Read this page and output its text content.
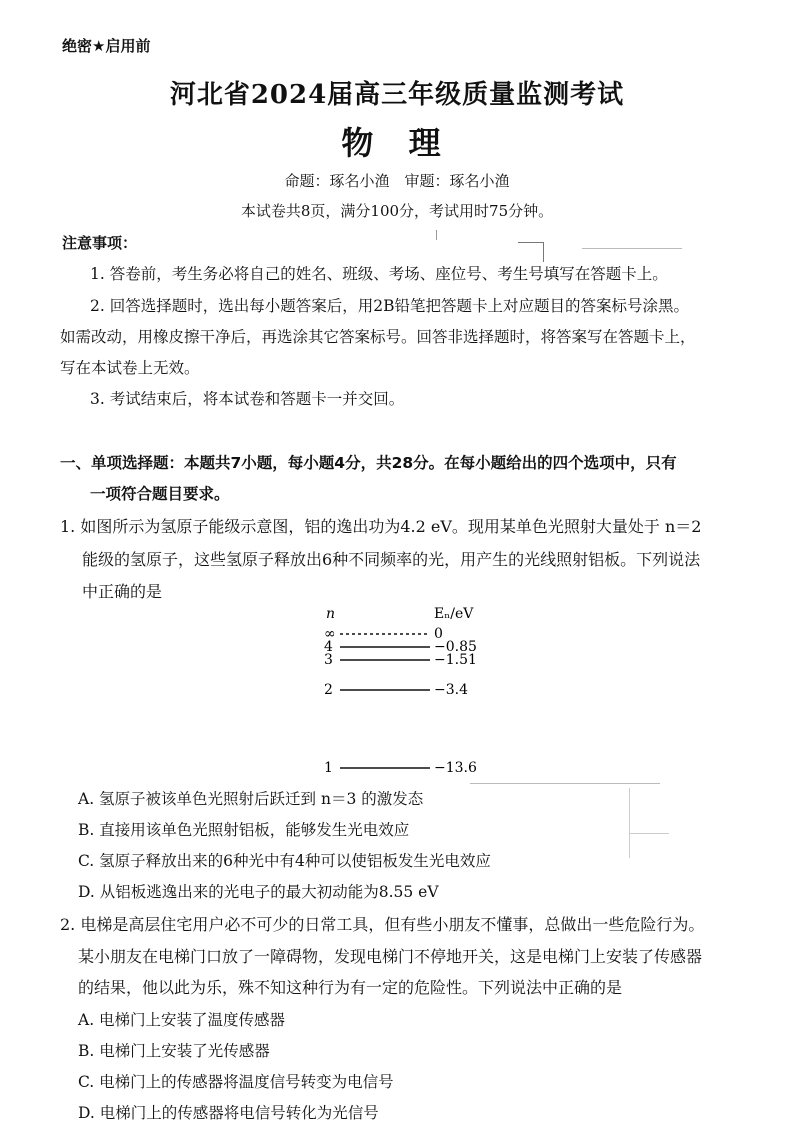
绝密★启用前
河北省2024届高三年级质量监测考试
物 理
命题：琢名小渔　审题：琢名小渔
本试卷共8页，满分100分，考试用时75分钟。
注意事项：
1. 答卷前，考生务必将自己的姓名、班级、考场、座位号、考生号填写在答题卡上。
2. 回答选择题时，选出每小题答案后，用2B铅笔把答题卡上对应题目的答案标号涂黑。
如需改动，用橡皮擦干净后，再选涂其它答案标号。回答非选择题时，将答案写在答题卡上，
写在本试卷上无效。
3. 考试结束后，将本试卷和答题卡一并交回。
一、单项选择题：本题共7小题，每小题4分，共28分。在每小题给出的四个选项中，只有
一项符合题目要求。
1. 如图所示为氢原子能级示意图，铝的逸出功为4.2 eV。现用某单色光照射大量处于 n＝2
能级的氢原子，这些氢原子释放出6种不同频率的光，用产生的光线照射铝板。下列说法
中正确的是
n	Eₙ/eV
∞	0
4	−0.85
3	−1.51
2	−3.4
1	−13.6
A. 氢原子被该单色光照射后跃迁到 n＝3 的激发态
B. 直接用该单色光照射铝板，能够发生光电效应
C. 氢原子释放出来的6种光中有4种可以使铝板发生光电效应
D. 从铝板逃逸出来的光电子的最大初动能为8.55 eV
2. 电梯是高层住宅用户必不可少的日常工具，但有些小朋友不懂事，总做出一些危险行为。
某小朋友在电梯门口放了一障碍物，发现电梯门不停地开关，这是电梯门上安装了传感器
的结果，他以此为乐，殊不知这种行为有一定的危险性。下列说法中正确的是
A. 电梯门上安装了温度传感器
B. 电梯门上安装了光传感器
C. 电梯门上的传感器将温度信号转变为电信号
D. 电梯门上的传感器将电信号转化为光信号
